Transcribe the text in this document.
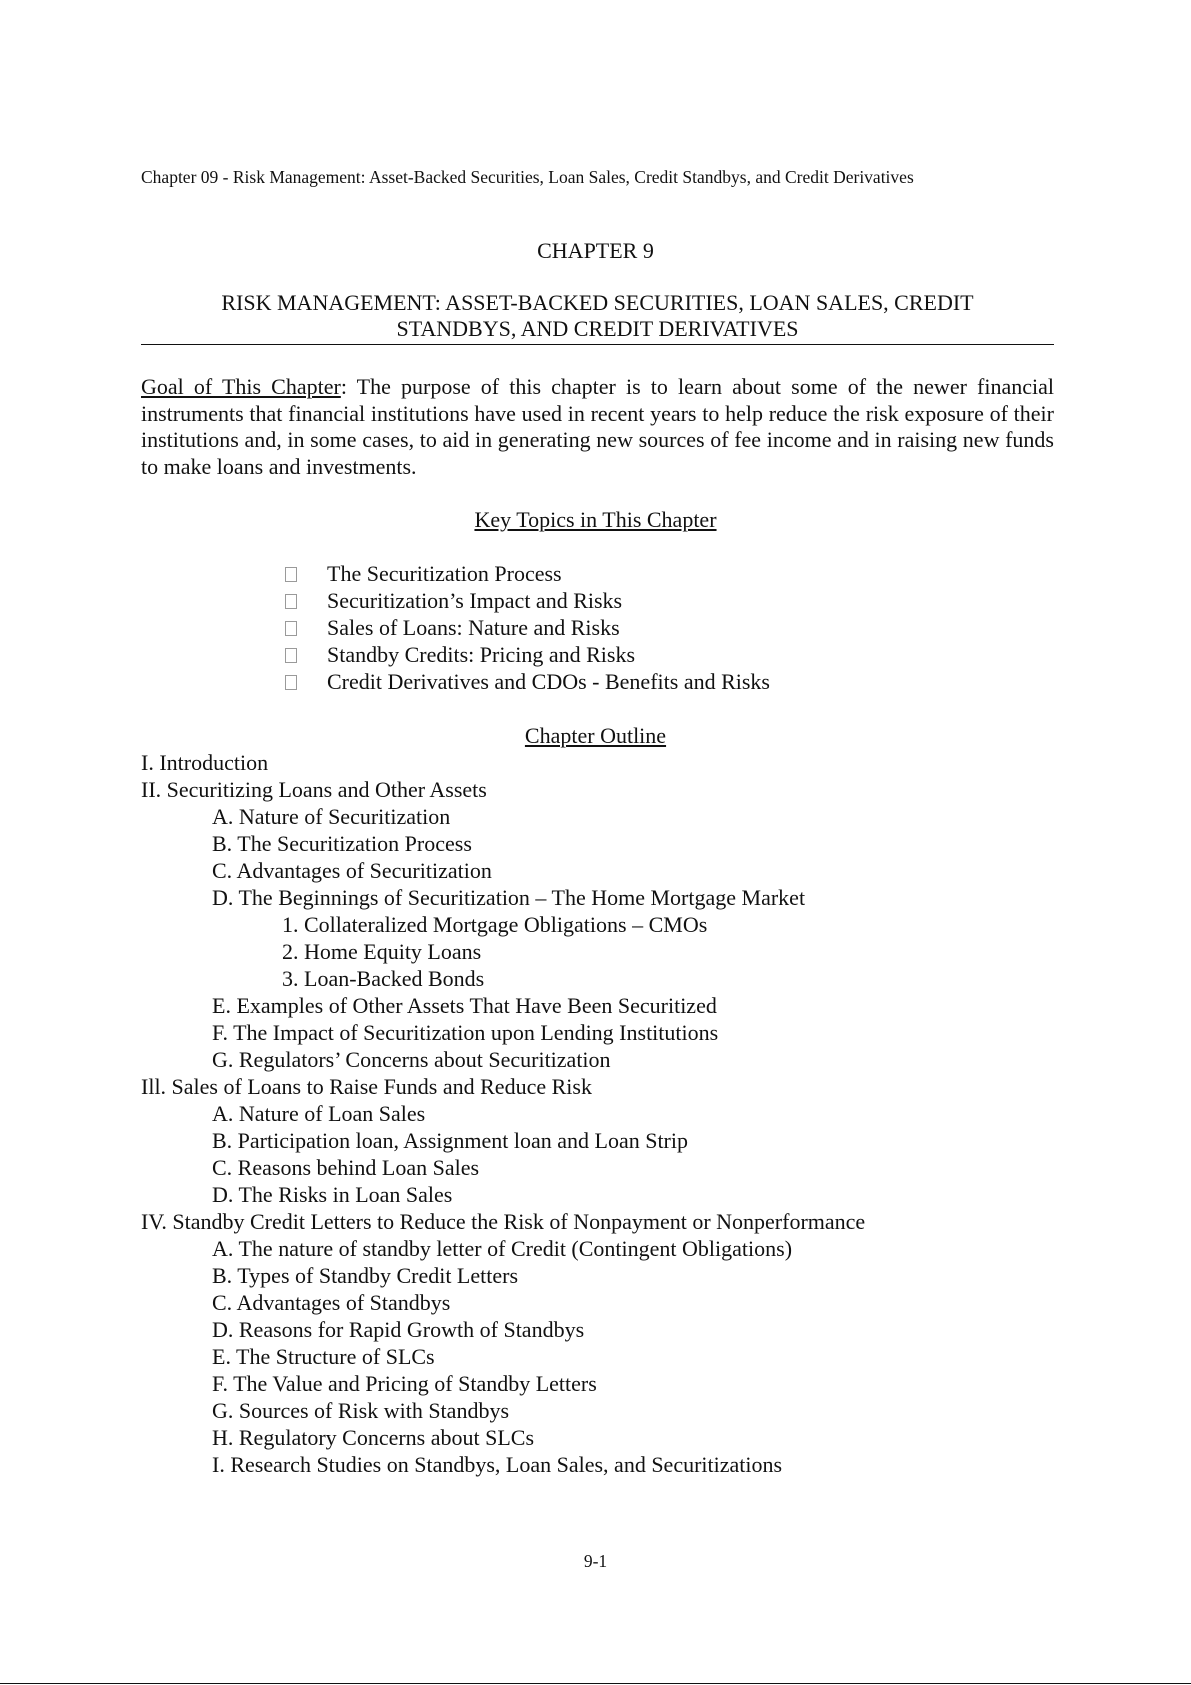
Chapter 09 - Risk Management: Asset-Backed Securities, Loan Sales, Credit Standbys, and Credit Derivatives
CHAPTER 9
RISK MANAGEMENT: ASSET-BACKED SECURITIES, LOAN SALES, CREDIT
STANDBYS, AND CREDIT DERIVATIVES
Goal of This Chapter: The purpose of this chapter is to learn about some of the newer financial instruments that financial institutions have used in recent years to help reduce the risk exposure of their institutions and, in some cases, to aid in generating new sources of fee income and in raising new funds to make loans and investments.
Key Topics in This Chapter
The Securitization Process
Securitization’s Impact and Risks
Sales of Loans: Nature and Risks
Standby Credits: Pricing and Risks
Credit Derivatives and CDOs - Benefits and Risks
Chapter Outline
I. Introduction
II. Securitizing Loans and Other Assets
A. Nature of Securitization
B. The Securitization Process
C. Advantages of Securitization
D. The Beginnings of Securitization – The Home Mortgage Market
1. Collateralized Mortgage Obligations – CMOs
2. Home Equity Loans
3. Loan-Backed Bonds
E. Examples of Other Assets That Have Been Securitized
F. The Impact of Securitization upon Lending Institutions
G. Regulators’ Concerns about Securitization
Ill. Sales of Loans to Raise Funds and Reduce Risk
A. Nature of Loan Sales
B. Participation loan, Assignment loan and Loan Strip
C. Reasons behind Loan Sales
D. The Risks in Loan Sales
IV. Standby Credit Letters to Reduce the Risk of Nonpayment or Nonperformance
A. The nature of standby letter of Credit (Contingent Obligations)
B. Types of Standby Credit Letters
C. Advantages of Standbys
D. Reasons for Rapid Growth of Standbys
E. The Structure of SLCs
F. The Value and Pricing of Standby Letters
G. Sources of Risk with Standbys
H. Regulatory Concerns about SLCs
I. Research Studies on Standbys, Loan Sales, and Securitizations
9-1
